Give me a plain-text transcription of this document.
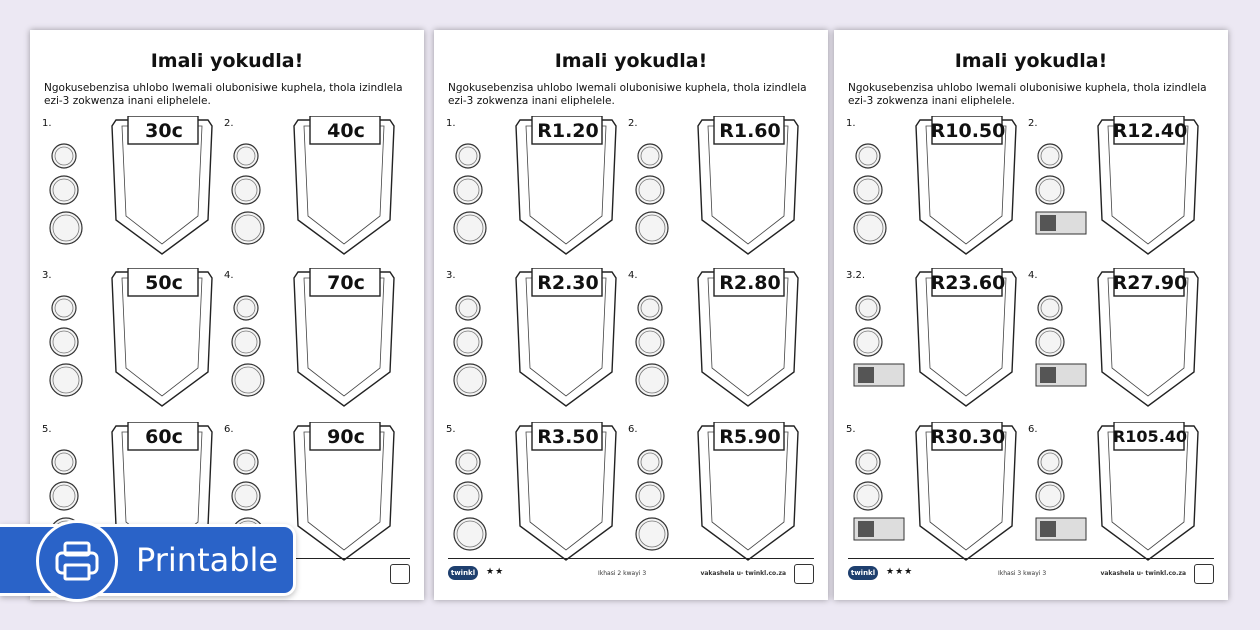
Imali yokudla!
Ngokusebenzisa uhlobo lwemali olubonisiwe kuphela, thola izindlela ezi-3 zokwenza inani eliphelele.
1.	30c	2.	40c
3.	50c	4.	70c
5.	60c	6.	90c
Imali yokudla!
Ngokusebenzisa uhlobo lwemali olubonisiwe kuphela, thola izindlela ezi-3 zokwenza inani eliphelele.
1.	R1.20	2.	R1.60
3.	R2.30	4.	R2.80
5.	R3.50	6.	R5.90
twinkl	★★	Ikhasi 2 kwayi 3	vakashela u- twinkl.co.za
Imali yokudla!
Ngokusebenzisa uhlobo lwemali olubonisiwe kuphela, thola izindlela ezi-3 zokwenza inani eliphelele.
1.	R10.50 2.	R12.40
3.2.	R23.60 4.	R27.90
5.	R30.30 6.	R105.40
twinkl	★★★	Ikhasi 3 kwayi 3	vakashela u- twinkl.co.za
Printable
